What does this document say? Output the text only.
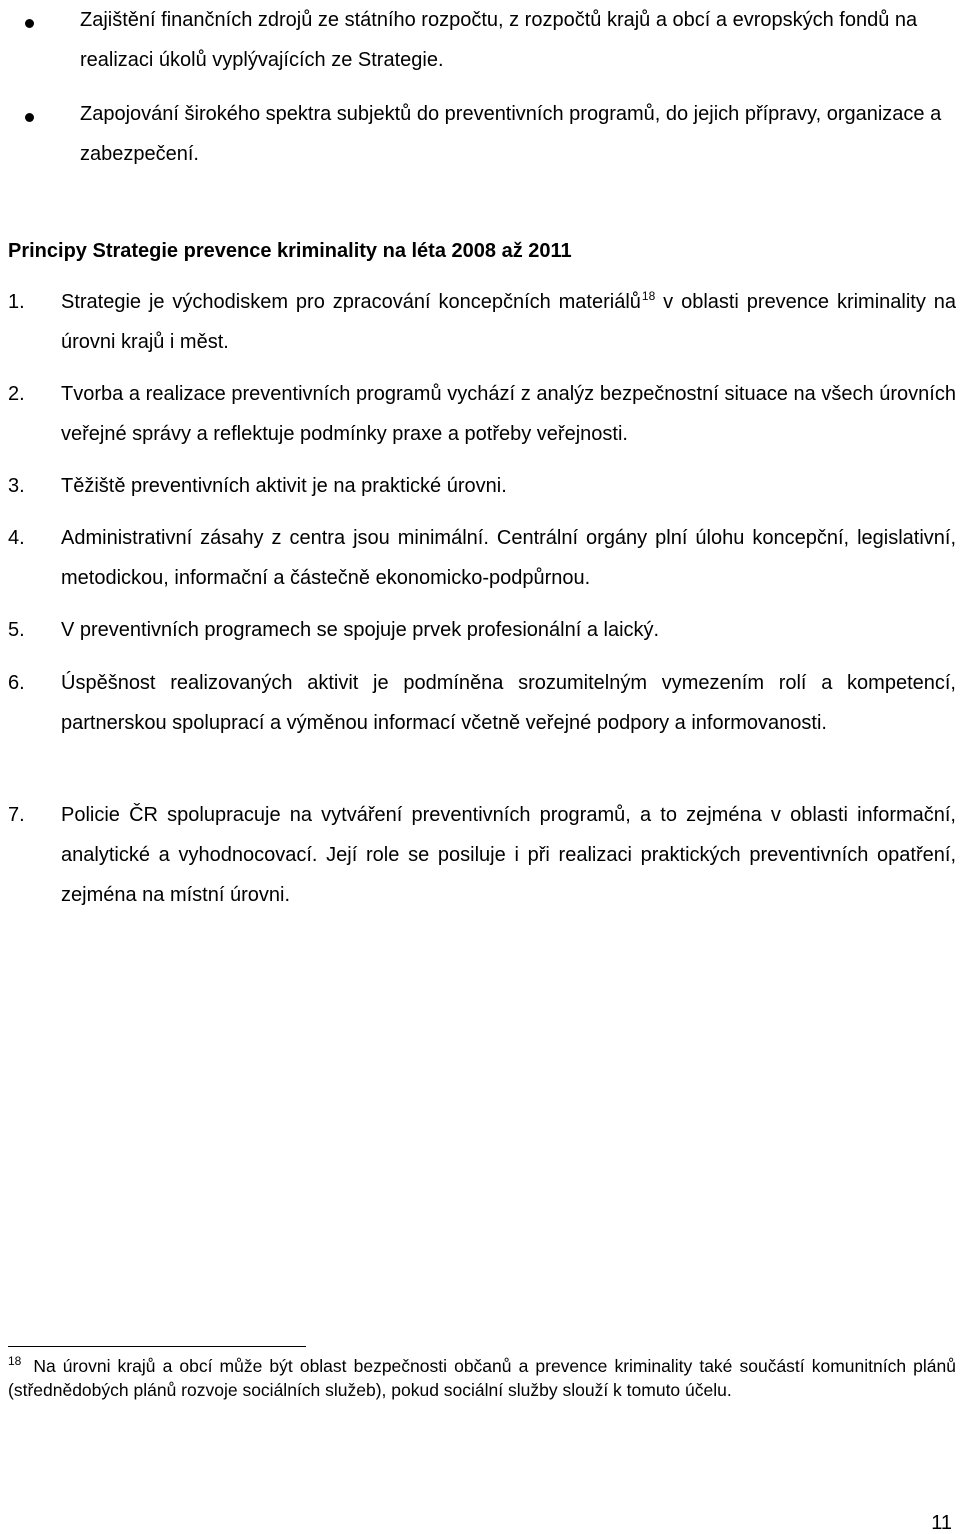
Zajištění finančních zdrojů ze státního rozpočtu, z rozpočtů krajů a obcí a evropských fondů na realizaci úkolů vyplývajících ze Strategie.
Zapojování širokého spektra subjektů do preventivních programů, do jejich přípravy, organizace a zabezpečení.
Principy Strategie prevence kriminality na léta 2008 až 2011
1. Strategie je východiskem pro zpracování koncepčních materiálů$^{18}$ v oblasti prevence kriminality na úrovni krajů i měst.
2. Tvorba a realizace preventivních programů vychází z analýz bezpečnostní situace na všech úrovních veřejné správy a reflektuje podmínky praxe a potřeby veřejnosti.
3. Těžiště preventivních aktivit je na praktické úrovni.
4. Administrativní zásahy z centra jsou minimální. Centrální orgány plní úlohu koncepční, legislativní, metodickou, informační a částečně ekonomicko-podpůrnou.
5. V preventivních programech se spojuje prvek profesionální a laický.
6. Úspěšnost realizovaných aktivit je podmíněna srozumitelným vymezením rolí a kompetencí, partnerskou spoluprací a výměnou informací včetně veřejné podpory a informovanosti.
7. Policie ČR spolupracuje na vytváření preventivních programů, a to zejména v oblasti informační, analytické a vyhodnocovací. Její role se posiluje i při realizaci praktických preventivních opatření, zejména na místní úrovni.
$^{18}$ Na úrovni krajů a obcí může být oblast bezpečnosti občanů a prevence kriminality také součástí komunitních plánů (střednědobých plánů rozvoje sociálních služeb), pokud sociální služby slouží k tomuto účelu.
11
